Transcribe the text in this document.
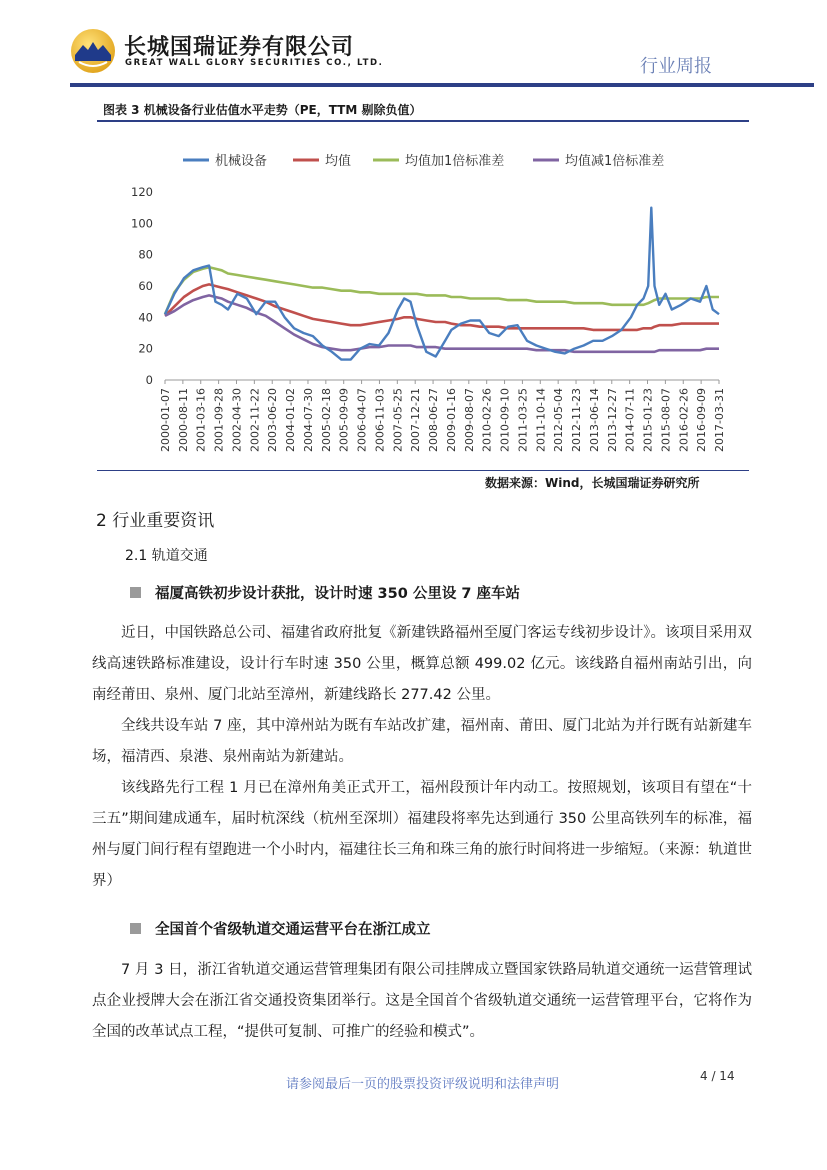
长城国瑞证券有限公司
GREAT WALL GLORY SECURITIES CO., LTD.	行业周报
图表 3 机械设备行业估值水平走势（PE，TTM 剔除负值）
机械设备	均值	均值加1倍标准差	均值减1倍标准差
0
20
40
60
80
100
120
2000-01-07 2000-08-11 2001-03-16 2001-09-28 2002-04-30 2002-11-22 2003-06-20 2004-01-02 2004-07-30 2005-02-18 2005-09-09 2006-04-07 2006-11-03 2007-05-25 2007-12-21 2008-06-27 2009-01-16 2009-08-07 2010-02-26 2010-09-10 2011-03-25 2011-10-14 2012-05-04 2012-11-23 2013-06-14 2013-12-27 2014-07-11 2015-01-23 2015-08-07 2016-02-26 2016-09-09 2017-03-31
数据来源：Wind，长城国瑞证券研究所
2 行业重要资讯
2.1 轨道交通
福厦高铁初步设计获批，设计时速 350 公里设 7 座车站

近日，中国铁路总公司、福建省政府批复《新建铁路福州至厦门客运专线初步设计》。该项目采用双线高速铁路标准建设，设计行车时速 350 公里，概算总额 499.02 亿元。该线路自福州南站引出，向南经莆田、泉州、厦门北站至漳州，新建线路长 277.42 公里。

全线共设车站 7 座，其中漳州站为既有车站改扩建，福州南、莆田、厦门北站为并行既有站新建车场，福清西、泉港、泉州南站为新建站。

该线路先行工程 1 月已在漳州角美正式开工，福州段预计年内动工。按照规划，该项目有望在“十三五”期间建成通车，届时杭深线（杭州至深圳）福建段将率先达到通行 350 公里高铁列车的标准，福州与厦门间行程有望跑进一个小时内，福建往长三角和珠三角的旅行时间将进一步缩短。（来源：轨道世界）

全国首个省级轨道交通运营平台在浙江成立

7 月 3 日，浙江省轨道交通运营管理集团有限公司挂牌成立暨国家铁路局轨道交通统一运营管理试点企业授牌大会在浙江省交通投资集团举行。这是全国首个省级轨道交通统一运营管理平台，它将作为全国的改革试点工程，“提供可复制、可推广的经验和模式”。

请参阅最后一页的股票投资评级说明和法律声明
4 / 14
